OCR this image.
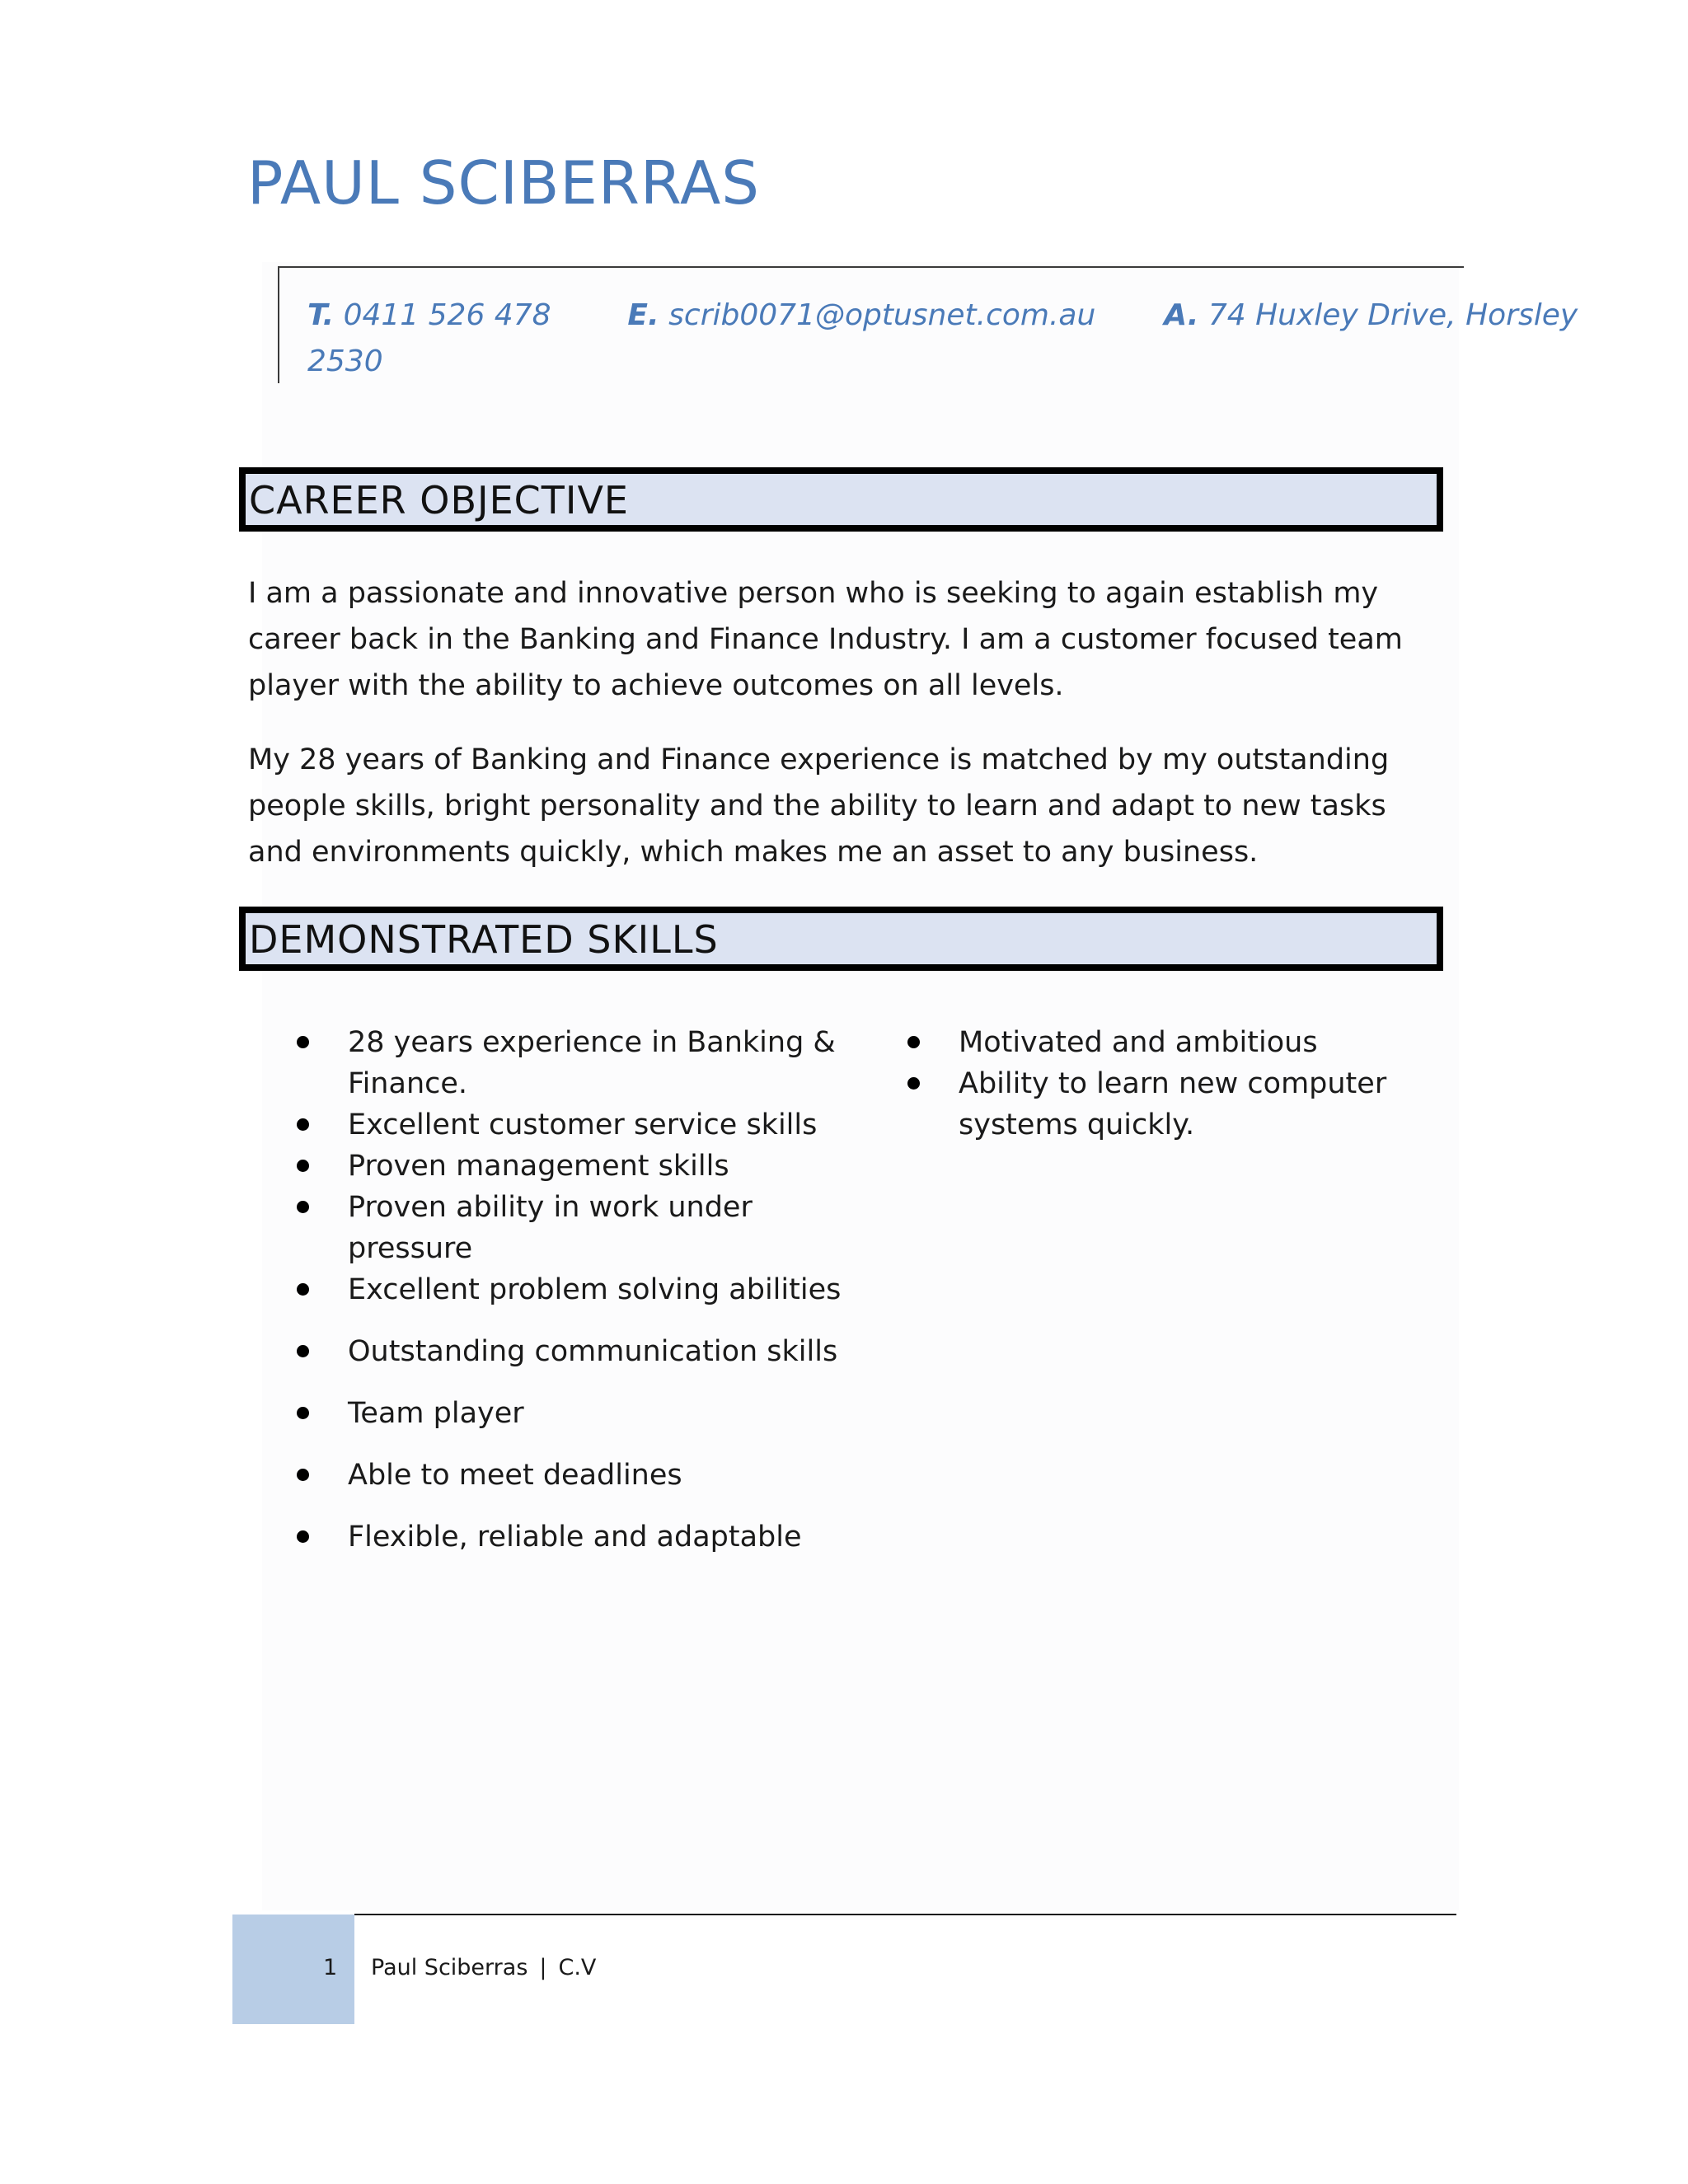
PAUL SCIBERRAS
T. 0411 526 478	E. scrib0071@optusnet.com.au A. 74 Huxley Drive, Horsley
2530
CAREER OBJECTIVE

I am a passionate and innovative person who is seeking to again establish my career back in the Banking and Finance Industry. I am a customer focused team player with the ability to achieve outcomes on all levels.

My 28 years of Banking and Finance experience is matched by my outstanding people skills, bright personality and the ability to learn and adapt to new tasks and environments quickly, which makes me an asset to any business.

DEMONSTRATED SKILLS
28 years experience in Banking & Finance.
Excellent customer service skills
Proven management skills
Proven ability in work under pressure
Excellent problem solving abilities
Outstanding communication skills
Team player
Able to meet deadlines
Flexible, reliable and adaptable
Motivated and ambitious
Ability to learn new computer systems quickly.
1 Paul Sciberras | C.V
